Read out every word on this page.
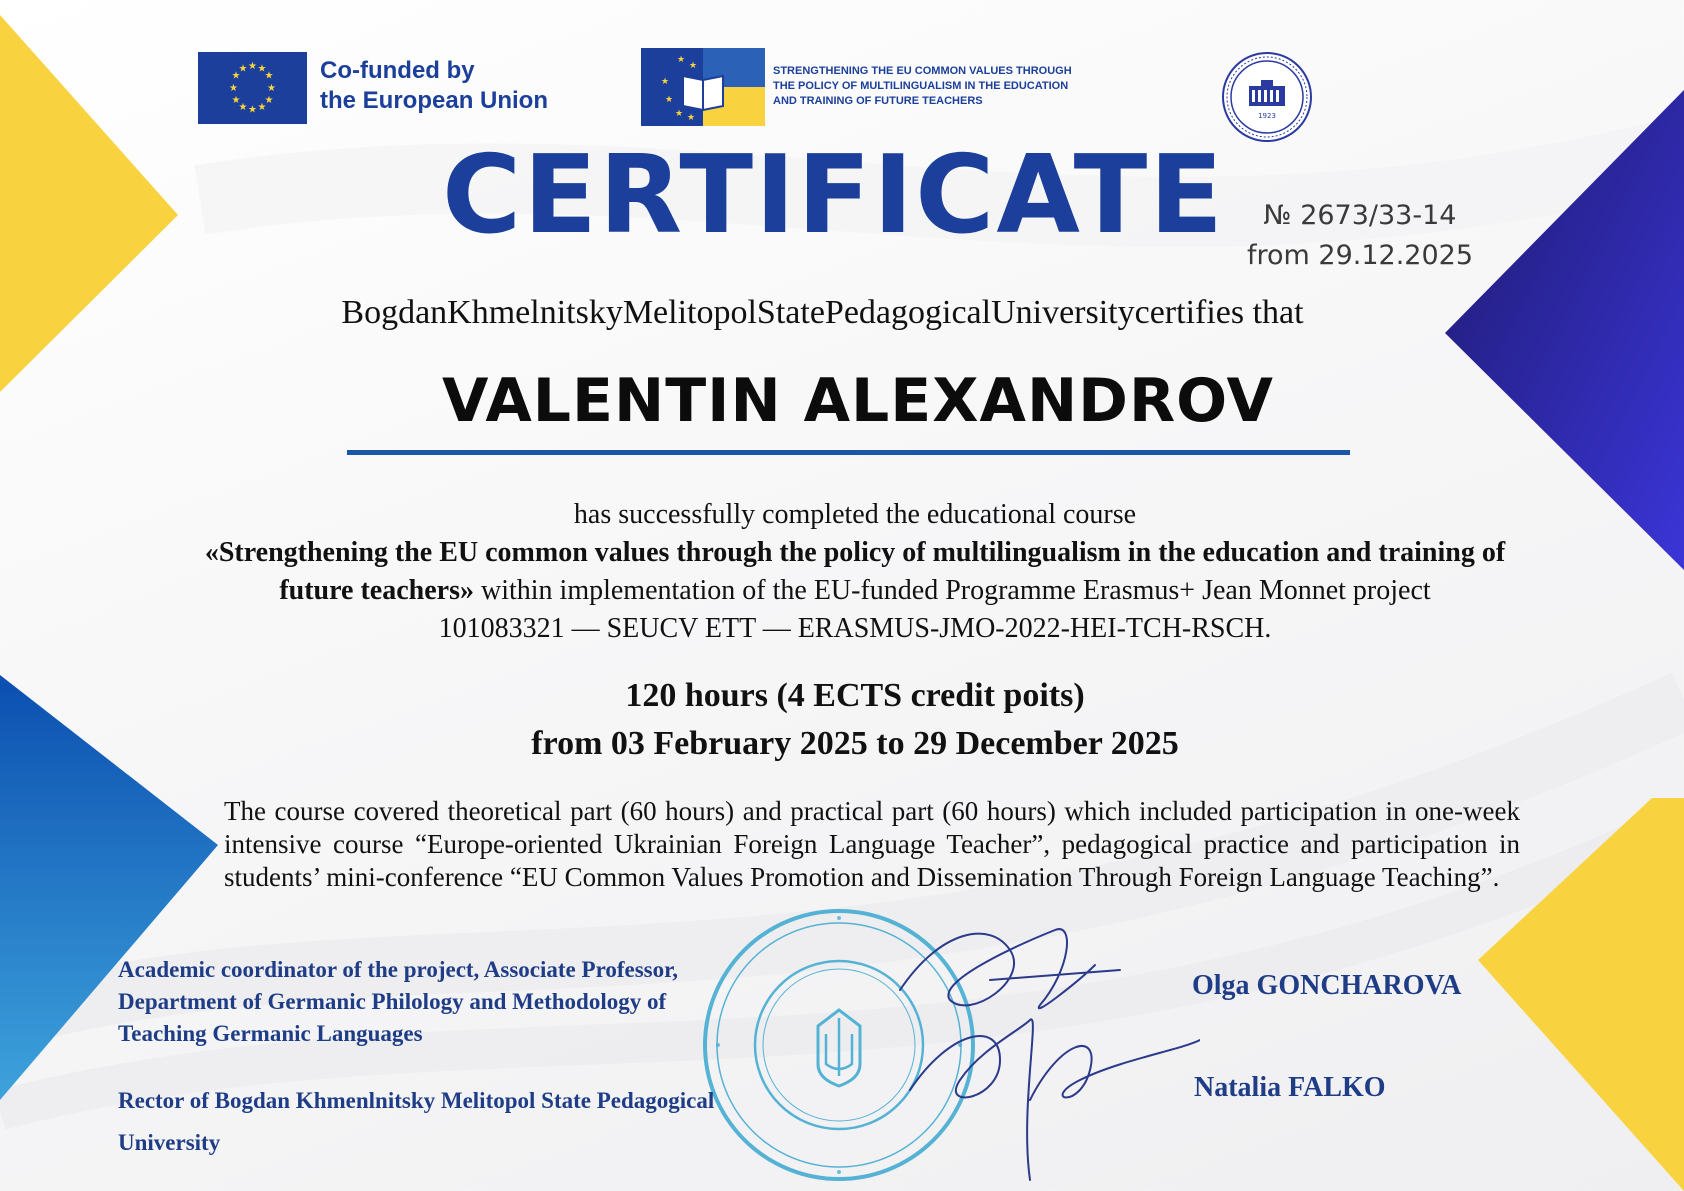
★ ★
★
★
★
★
★
★
★
★
★
★	Co-funded by
the European Union
★
★
★
★
★ ★
STRENGTHENING THE EU COMMON VALUES THROUGH
THE POLICY OF MULTILINGUALISM IN THE EDUCATION
AND TRAINING OF FUTURE TEACHERS
1923
CERTIFICATE	№ 2673/33-14
from 29.12.2025
BogdanKhmelnitskyMelitopolStatePedagogicalUniversitycertifies that
VALENTIN ALEXANDROV
has successfully completed the educational course
«Strengthening the EU common values through the policy of multilingualism in the education and training of
future teachers» within implementation of the EU-funded Programme Erasmus+ Jean Monnet project
101083321 — SEUCV ETT — ERASMUS-JMO-2022-HEI-TCH-RSCH.
120 hours (4 ECTS credit poits)
from 03 February 2025 to 29 December 2025
The course covered theoretical part (60 hours) and practical part (60 hours) which included participation in one-week intensive course “Europe-oriented Ukrainian Foreign Language Teacher”, pedagogical practice and participation in students’ mini-conference “EU Common Values Promotion and Dissemination Through Foreign Language Teaching”.
Academic coordinator of the project, Associate Professor,
Department of Germanic Philology and Methodology of
Teaching Germanic Languages
Olga GONCHAROVA
Rector of Bogdan Khmenlnitsky Melitopol State Pedagogical
University
Natalia FALKO
